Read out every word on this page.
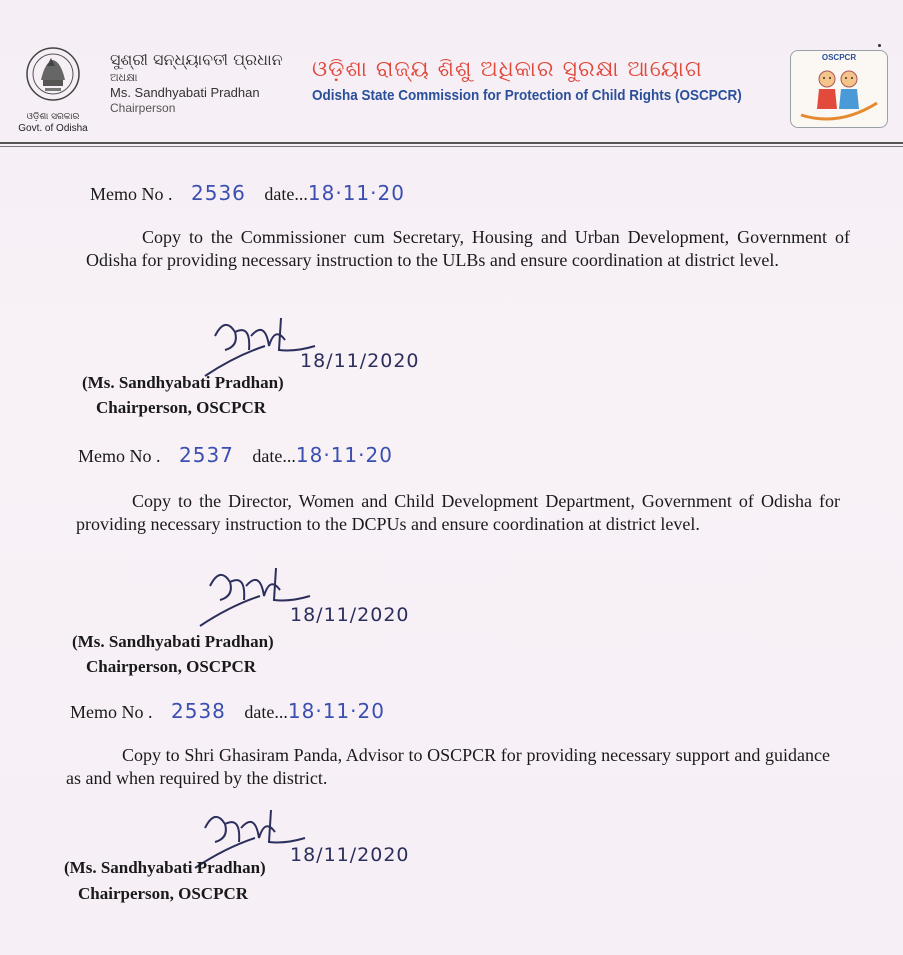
ଓଡ଼ିଶା ସରକାର
Govt. of Odisha
ସୁଶ୍ରୀ ସନ୍ଧ୍ୟାବତୀ ପ୍ରଧାନ
ଅଧକ୍ଷା
Ms. Sandhyabati Pradhan
Chairperson
ଓଡ଼ିଶା ରାଜ୍ୟ ଶିଶୁ ଅଧିକାର ସୁରକ୍ଷା ଆୟୋଗ
Odisha State Commission for Protection of Child Rights (OSCPCR)
OSCPCR
Memo No . 2536 date...18·11·20
Copy to the Commissioner cum Secretary, Housing and Urban Development, Government of Odisha for providing necessary instruction to the ULBs and ensure coordination at district level.
18/11/2020
(Ms. Sandhyabati Pradhan)
Chairperson, OSCPCR
Memo No . 2537 date...18·11·20
Copy to the Director, Women and Child Development Department, Government of Odisha for providing necessary instruction to the DCPUs and ensure coordination at district level.
18/11/2020
(Ms. Sandhyabati Pradhan)
Chairperson, OSCPCR
Memo No . 2538 date...18·11·20
Copy to Shri Ghasiram Panda, Advisor to OSCPCR for providing necessary support and guidance as and when required by the district.
18/11/2020
(Ms. Sandhyabati Pradhan)
Chairperson, OSCPCR
